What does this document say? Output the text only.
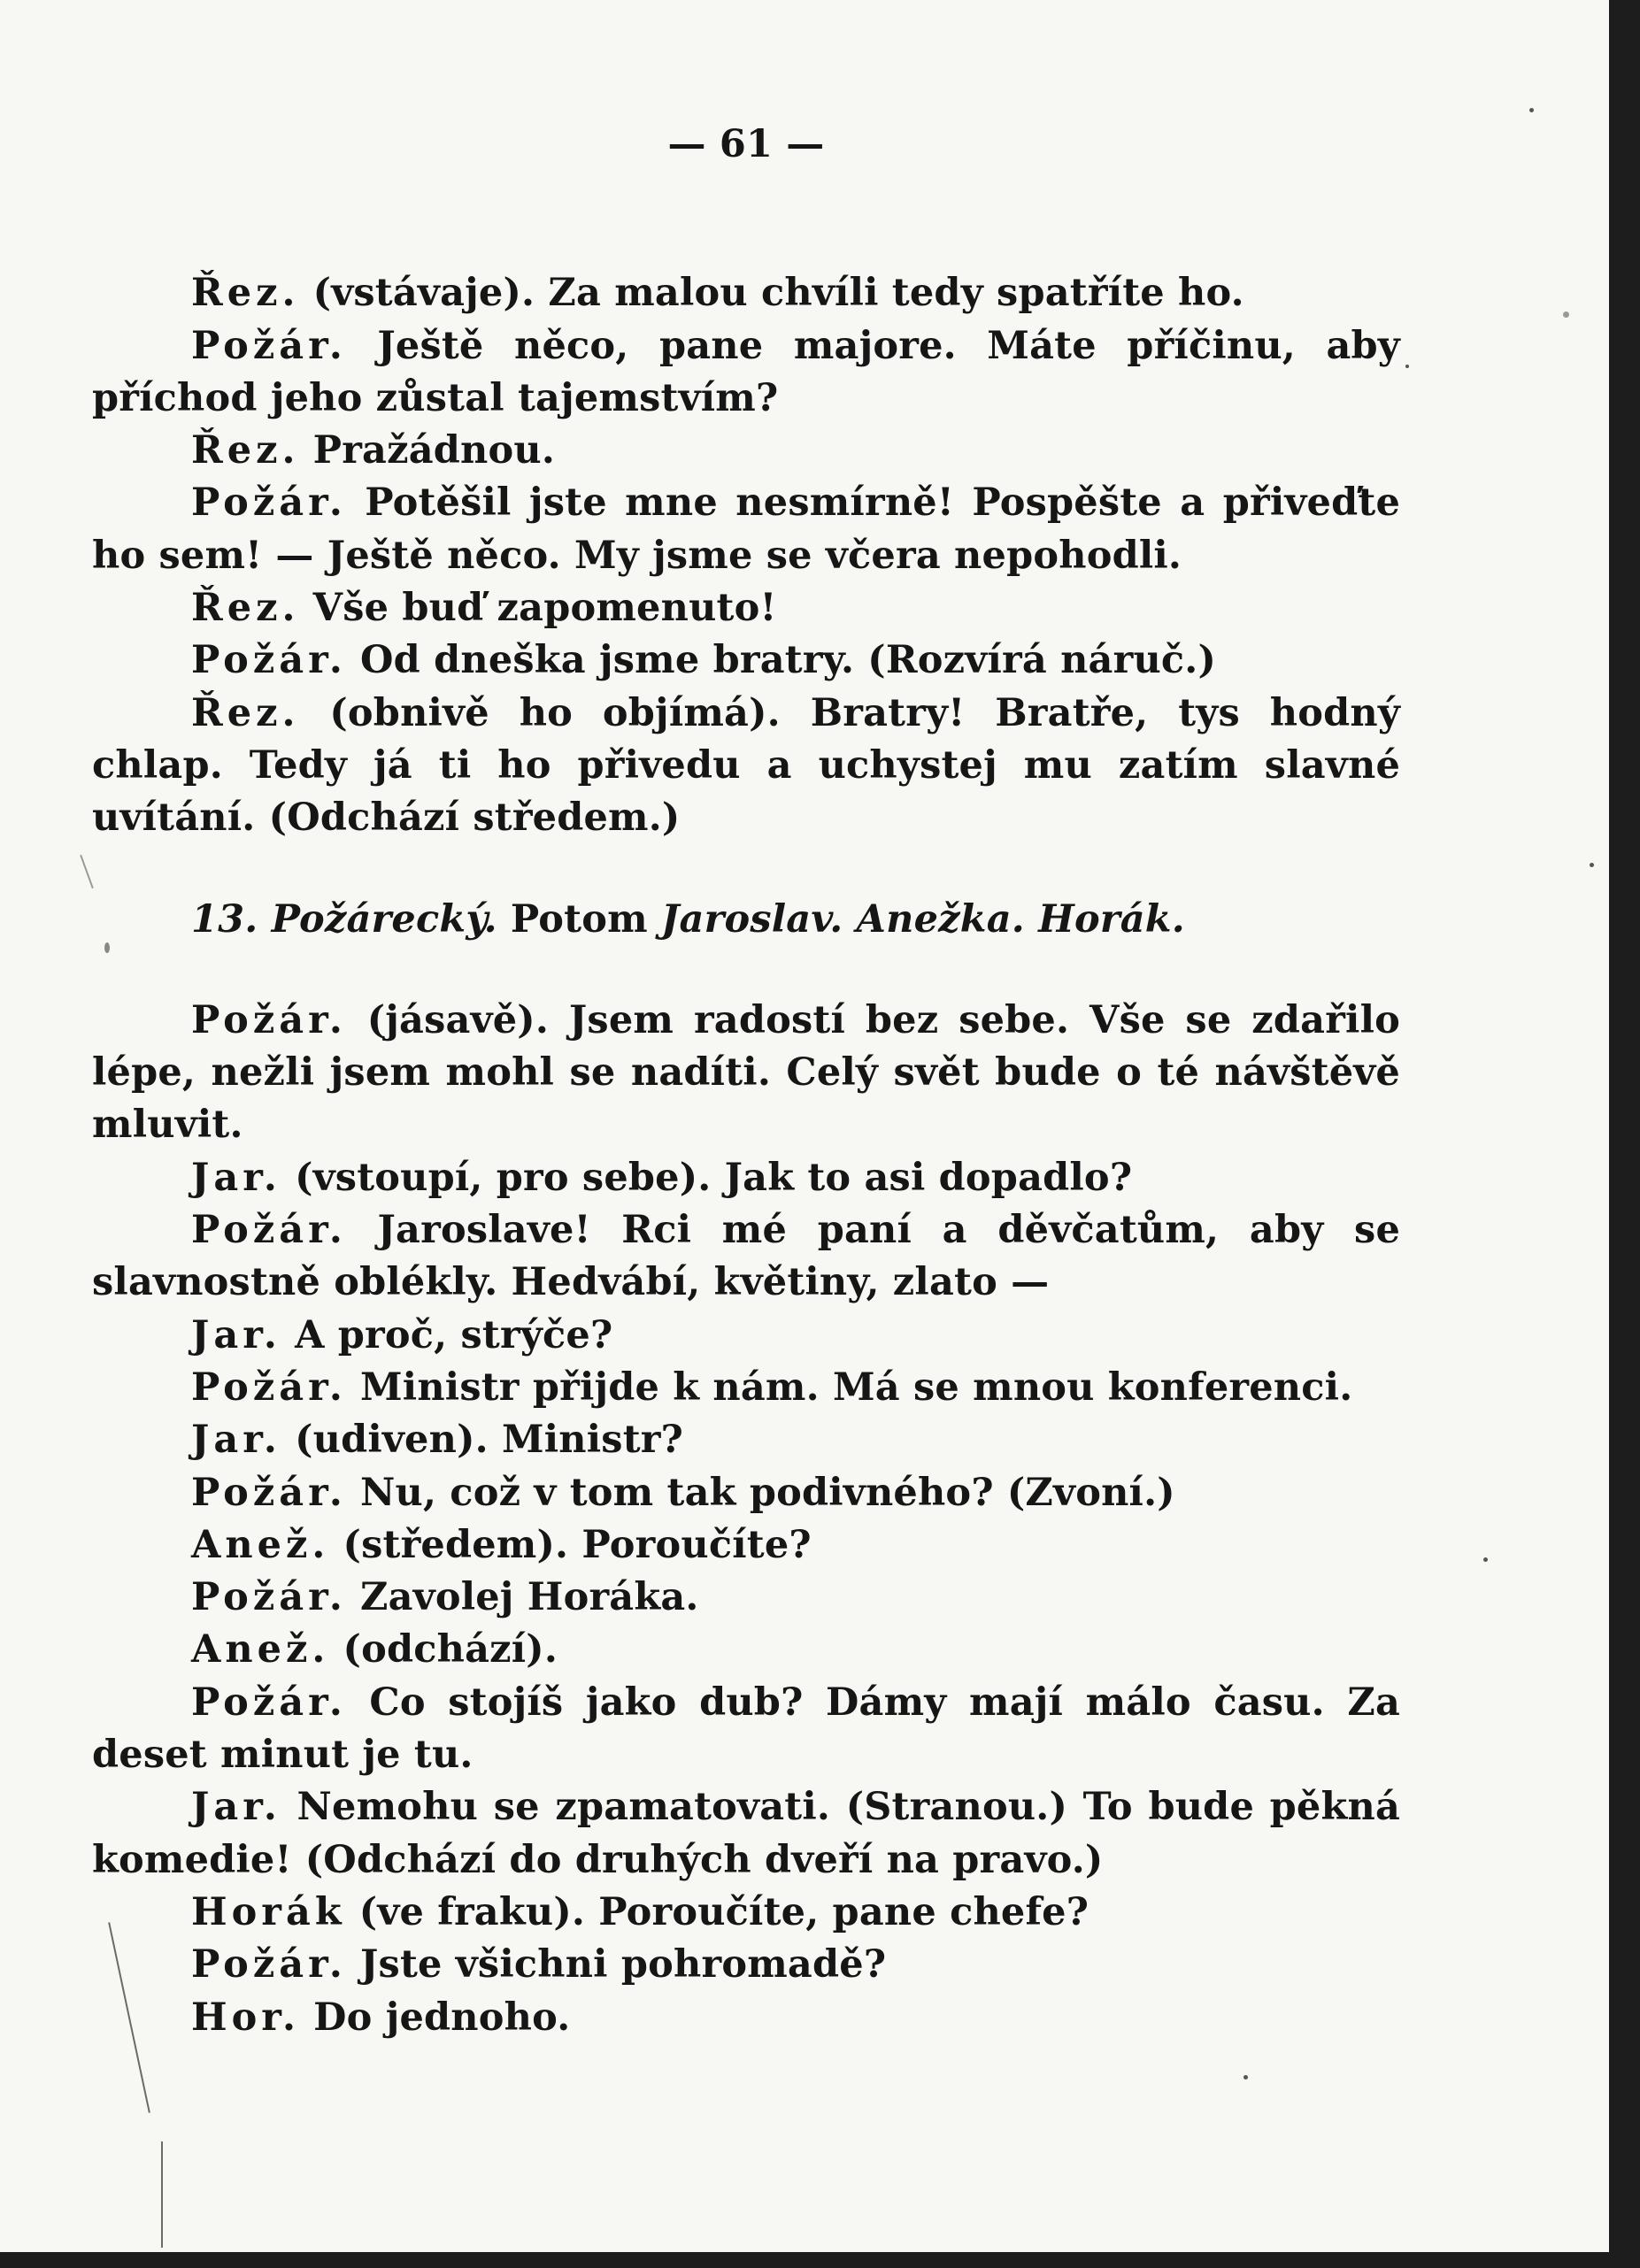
— 61 —

Řez. (vstávaje). Za malou chvíli tedy spatříte ho.

Požár. Ještě něco, pane majore. Máte příčinu, aby příchod jeho zůstal tajemstvím?

Řez. Pražádnou.

Požár. Potěšil jste mne nesmírně! Pospěšte a přiveďte ho sem! — Ještě něco. My jsme se včera nepohodli.

Řez. Vše buď zapomenuto!

Požár. Od dneška jsme bratry. (Rozvírá náruč.)

Řez. (obnivě ho objímá). Bratry! Bratře, tys hodný chlap. Tedy já ti ho přivedu a uchystej mu zatím slavné uvítání. (Odchází středem.)

13. Požárecký. Potom Jaroslav. Anežka. Horák.

Požár. (jásavě). Jsem radostí bez sebe. Vše se zdařilo lépe, nežli jsem mohl se nadíti. Celý svět bude o té návštěvě mluvit.

Jar. (vstoupí, pro sebe). Jak to asi dopadlo?

Požár. Jaroslave! Rci mé paní a děvčatům, aby se slavnostně oblékly. Hedvábí, květiny, zlato —

Jar. A proč, strýče?

Požár. Ministr přijde k nám. Má se mnou konferenci.

Jar. (udiven). Ministr?

Požár. Nu, což v tom tak podivného? (Zvoní.)

Anež. (středem). Poroučíte?

Požár. Zavolej Horáka.

Anež. (odchází).

Požár. Co stojíš jako dub? Dámy mají málo času. Za deset minut je tu.

Jar. Nemohu se zpamatovati. (Stranou.) To bude pěkná komedie! (Odchází do druhých dveří na pravo.)

Horák (ve fraku). Poroučíte, pane chefe?

Požár. Jste všichni pohromadě?

Hor. Do jednoho.
